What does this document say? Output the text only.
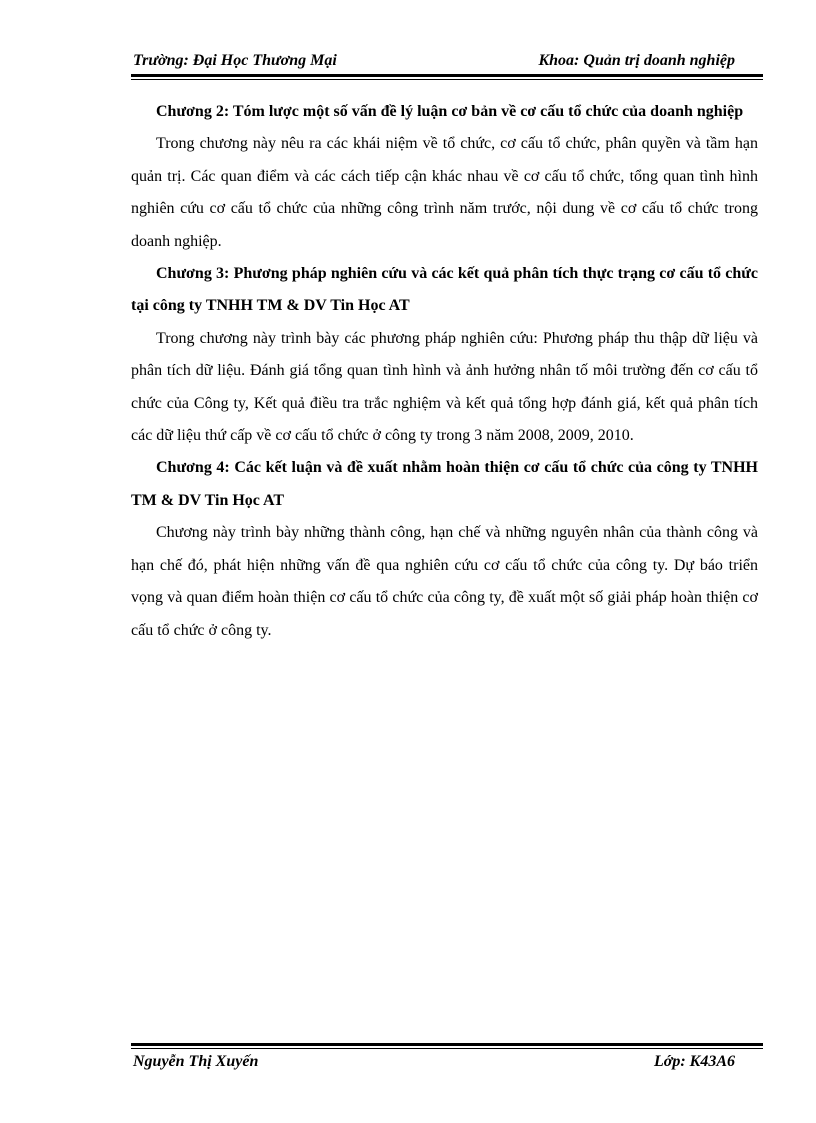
Trường: Đại Học Thương Mại	Khoa: Quản trị doanh nghiệp

Chương 2: Tóm lược một số vấn đề lý luận cơ bản về cơ cấu tổ chức của doanh nghiệp

Trong chương này nêu ra các khái niệm về tổ chức, cơ cấu tổ chức, phân quyền và tầm hạn quản trị. Các quan điểm và các cách tiếp cận khác nhau về cơ cấu tổ chức, tổng quan tình hình nghiên cứu cơ cấu tổ chức của những công trình năm trước, nội dung về cơ cấu tổ chức trong doanh nghiệp.

Chương 3: Phương pháp nghiên cứu và các kết quả phân tích thực trạng cơ cấu tổ chức tại công ty TNHH TM & DV Tin Học AT

Trong chương này trình bày các phương pháp nghiên cứu: Phương pháp thu thập dữ liệu và phân tích dữ liệu. Đánh giá tổng quan tình hình và ảnh hưởng nhân tố môi trường đến cơ cấu tổ chức của Công ty, Kết quả điều tra trắc nghiệm và kết quả tổng hợp đánh giá, kết quả phân tích các dữ liệu thứ cấp về cơ cấu tổ chức ở công ty trong 3 năm 2008, 2009, 2010.

Chương 4: Các kết luận và đề xuất nhằm hoàn thiện cơ cấu tổ chức của công ty TNHH TM & DV Tin Học AT

Chương này trình bày những thành công, hạn chế và những nguyên nhân của thành công và hạn chế đó, phát hiện những vấn đề qua nghiên cứu cơ cấu tổ chức của công ty. Dự báo triển vọng và quan điểm hoàn thiện cơ cấu tổ chức của công ty, đề xuất một số giải pháp hoàn thiện cơ cấu tổ chức ở công ty.

Nguyễn Thị Xuyến	Lớp: K43A6
